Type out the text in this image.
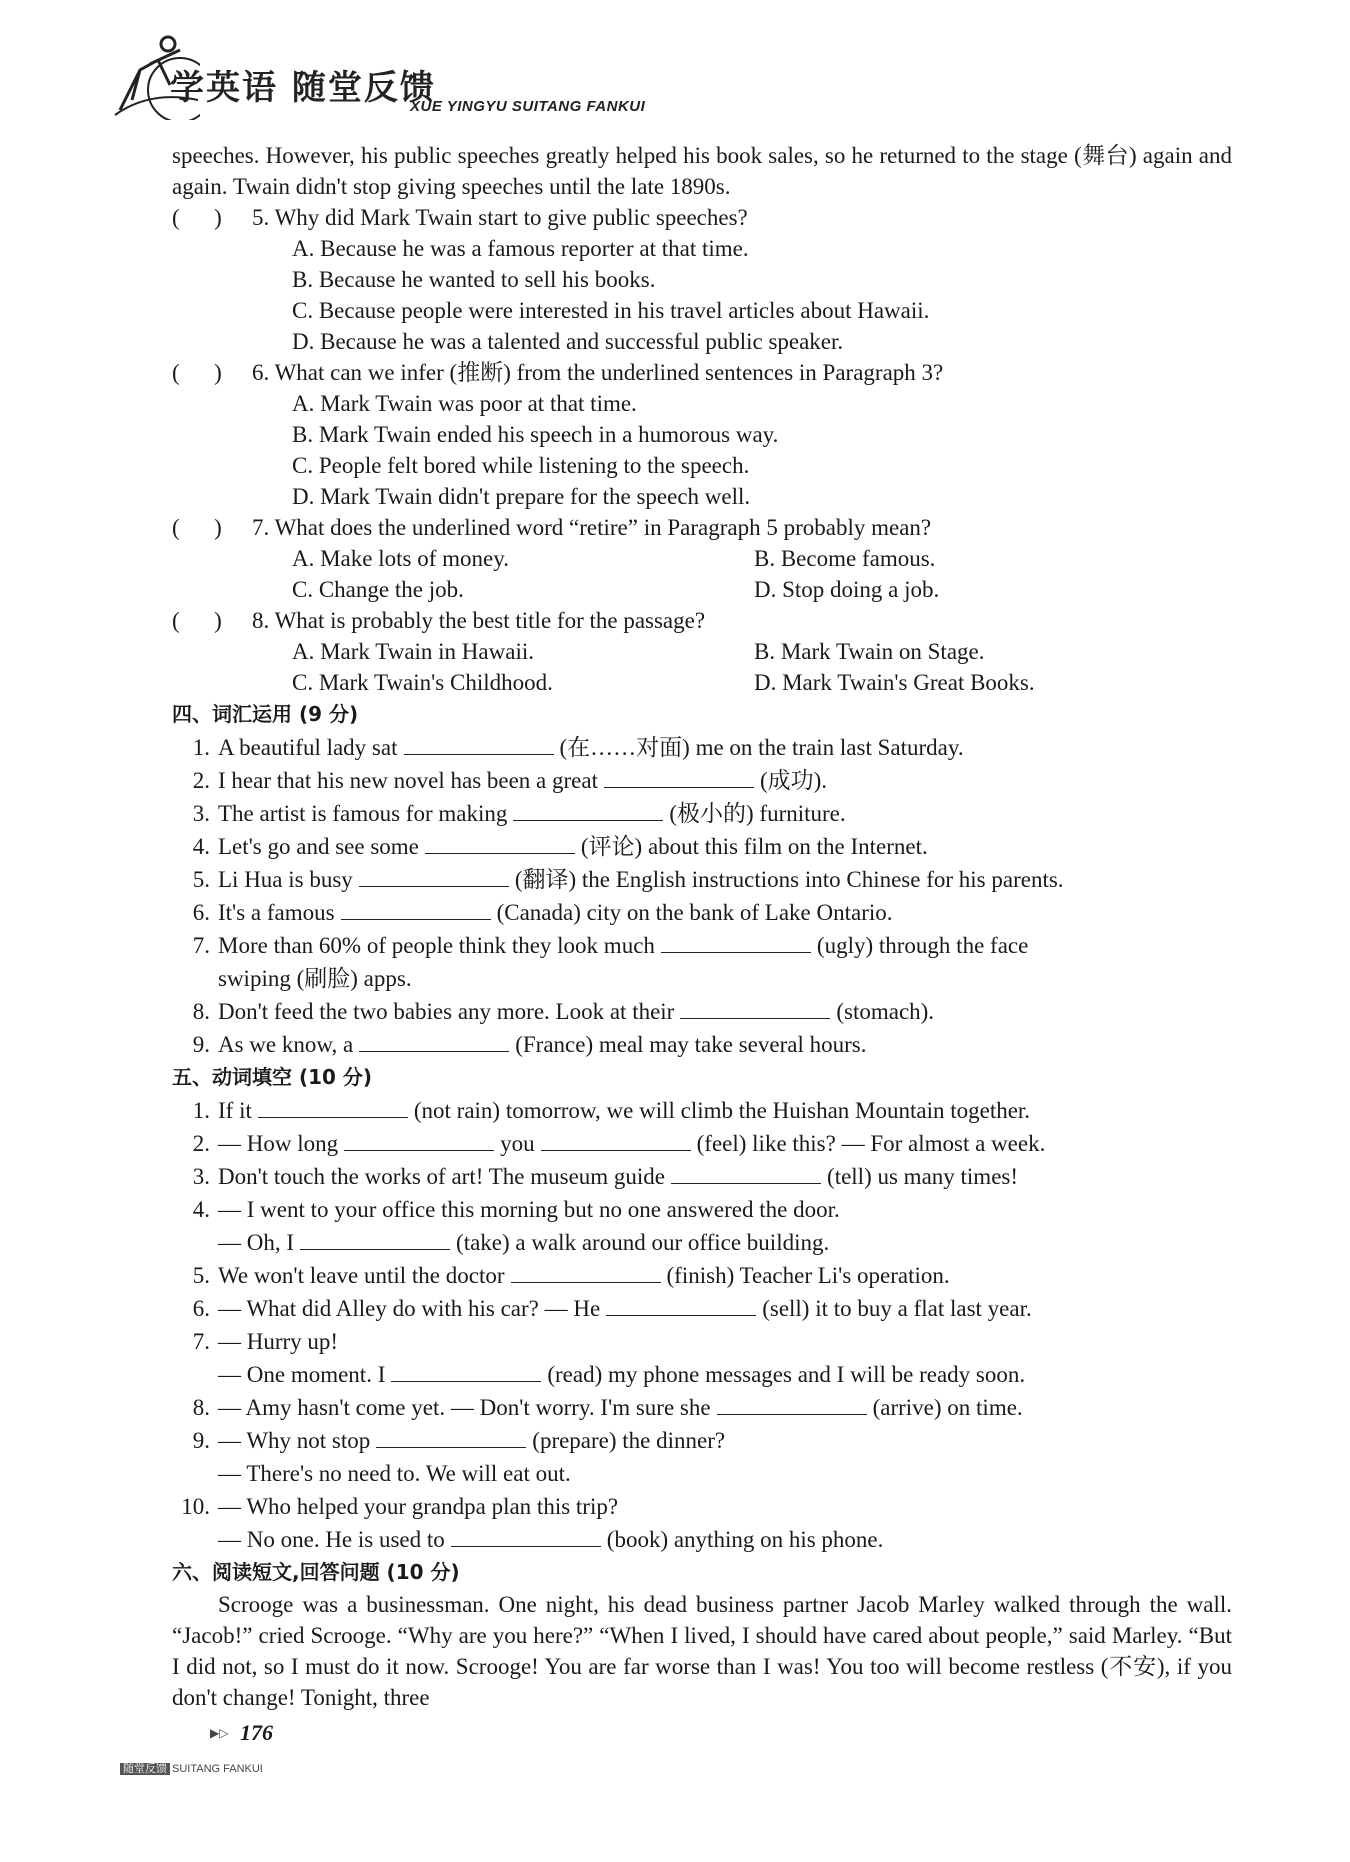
学英语 随堂反馈
XUE YINGYU SUITANG FANKUI

speeches. However, his public speeches greatly helped his book sales, so he returned to the stage (舞台) again and again. Twain didn't stop giving speeches until the late 1890s.

(      )	5. Why did Mark Twain start to give public speeches?
A. Because he was a famous reporter at that time.
B. Because he wanted to sell his books.
C. Because people were interested in his travel articles about Hawaii.
D. Because he was a talented and successful public speaker.
(      )	6. What can we infer (推断) from the underlined sentences in Paragraph 3?
A. Mark Twain was poor at that time.
B. Mark Twain ended his speech in a humorous way.
C. People felt bored while listening to the speech.
D. Mark Twain didn't prepare for the speech well.
(      )	7. What does the underlined word “retire” in Paragraph 5 probably mean?
A. Make lots of money.	B. Become famous.
C. Change the job.	D. Stop doing a job.
(      )	8. What is probably the best title for the passage?
A. Mark Twain in Hawaii.	B. Mark Twain on Stage.
C. Mark Twain's Childhood.	D. Mark Twain's Great Books.
四、词汇运用 (9 分)
1. A beautiful lady sat	(在……对面) me on the train last Saturday.
2. I hear that his new novel has been a great	(成功).
3. The artist is famous for making	(极小的) furniture.
4. Let's go and see some	(评论) about this film on the Internet.
5. Li Hua is busy	(翻译) the English instructions into Chinese for his parents.
6. It's a famous	(Canada) city on the bank of Lake Ontario.
7. More than 60% of people think they look much	(ugly) through the face
swiping (刷脸) apps.
8. Don't feed the two babies any more. Look at their	(stomach).
9. As we know, a	(France) meal may take several hours.
五、动词填空 (10 分)
1. If it	(not rain) tomorrow, we will climb the Huishan Mountain together.
2. — How long	you	(feel) like this? — For almost a week.
3. Don't touch the works of art! The museum guide	(tell) us many times!
4. — I went to your office this morning but no one answered the door.
— Oh, I	(take) a walk around our office building.
5. We won't leave until the doctor	(finish) Teacher Li's operation.
6. — What did Alley do with his car? — He	(sell) it to buy a flat last year.
7. — Hurry up!
— One moment. I	(read) my phone messages and I will be ready soon.
8. — Amy hasn't come yet. — Don't worry. I'm sure she	(arrive) on time.
9. — Why not stop	(prepare) the dinner?
— There's no need to. We will eat out.
10. — Who helped your grandpa plan this trip?
— No one. He is used to	(book) anything on his phone.
六、阅读短文,回答问题 (10 分)

Scrooge was a businessman. One night, his dead business partner Jacob Marley walked through the wall. “Jacob!” cried Scrooge. “Why are you here?” “When I lived, I should have cared about people,” said Marley. “But I did not, so I must do it now. Scrooge! You are far worse than I was! You too will become restless (不安), if you don't change! Tonight, three

▶▷ 176
随堂反馈 SUITANG FANKUI
